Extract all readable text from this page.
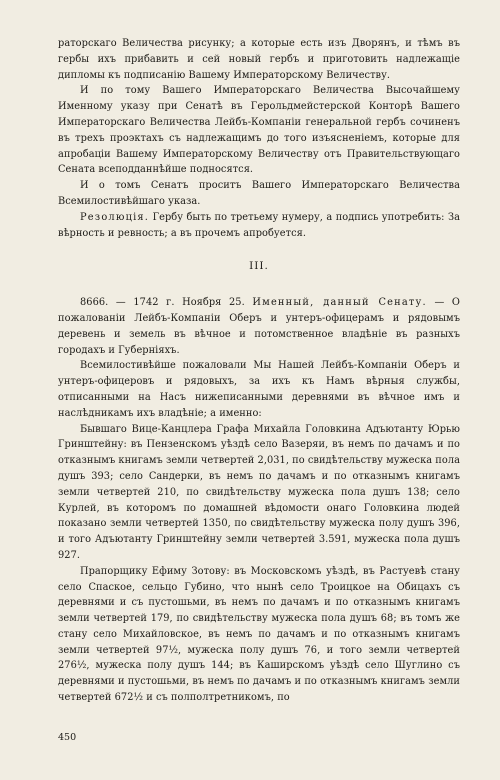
раторскаго Величества рисунку; а которые есть изъ Дворянъ, и тѣмъ въ гербы ихъ прибавить и сей новый гербъ и приготовить надлежащіе дипломы къ подписанію Вашему Императорскому Величеству.

И по тому Вашего Императорскаго Величества Высочайшему Именному указу при Сенатѣ въ Герольдмейстерской Конторѣ Вашего Императорскаго Величества Лейбъ-Компаніи генеральной гербъ сочиненъ въ трехъ проэктахъ съ надлежащимъ до того изъясненіемъ, которые для апробаціи Вашему Императорскому Величеству отъ Правительствующаго Сената всеподданнѣйше подносятся.

И о томъ Сенатъ проситъ Вашего Императорскаго Величества Всемилостивѣйшаго указа.

Резолюція. Гербу быть по третьему нумеру, а подпись употребить: За вѣрность и ревность; а въ прочемъ апробуется.

III.

8666. — 1742 г. Ноября 25. Именный, данный Сенату. — О пожалованіи Лейбъ-Компаніи Оберъ и унтеръ-офицерамъ и рядовымъ деревень и земель въ вѣчное и потомственное владѣніе въ разныхъ городахъ и Губерніяхъ.

Всемилостивѣйше пожаловали Мы Нашей Лейбъ-Компаніи Оберъ и унтеръ-офицеровъ и рядовыхъ, за ихъ къ Намъ вѣрныя службы, отписанными на Насъ нижеписанными деревнями въ вѣчное имъ и наслѣдникамъ ихъ владѣніе; а именно:

Бывшаго Вице-Канцлера Графа Михайла Головкина Адъютанту Юрью Гринштейну: въ Пензенскомъ уѣздѣ село Вазеряи, въ немъ по дачамъ и по отказнымъ книгамъ земли четвертей 2,031, по свидѣтельству мужеска пола душъ 393; село Сандерки, въ немъ по дачамъ и по отказнымъ книгамъ земли четвертей 210, по свидѣтельству мужеска пола душъ 138; село Курлей, въ которомъ по домашней вѣдомости онаго Головкина людей показано земли четвертей 1350, по свидѣтельству мужеска полу душъ 396, и того Адъютанту Гринштейну земли четвертей 3.591, мужеска пола душъ 927.

Прапорщику Ефиму Зотову: въ Московскомъ уѣздѣ, въ Растуевѣ стану село Спаское, сельцо Губино, что нынѣ село Троицкое на Обицахъ съ деревнями и съ пустошьми, въ немъ по дачамъ и по отказнымъ книгамъ земли четвертей 179, по свидѣтельству мужеска пола душъ 68; въ томъ же стану село Михайловское, въ немъ по дачамъ и по отказнымъ книгамъ земли четвертей 97½, мужеска полу душъ 76, и того земли четвертей 276½, мужеска полу душъ 144; въ Каширскомъ уѣздѣ село Шуглино съ деревнями и пустошьми, въ немъ по дачамъ и по отказнымъ книгамъ земли четвертей 672½ и съ полполтретникомъ, по

450
